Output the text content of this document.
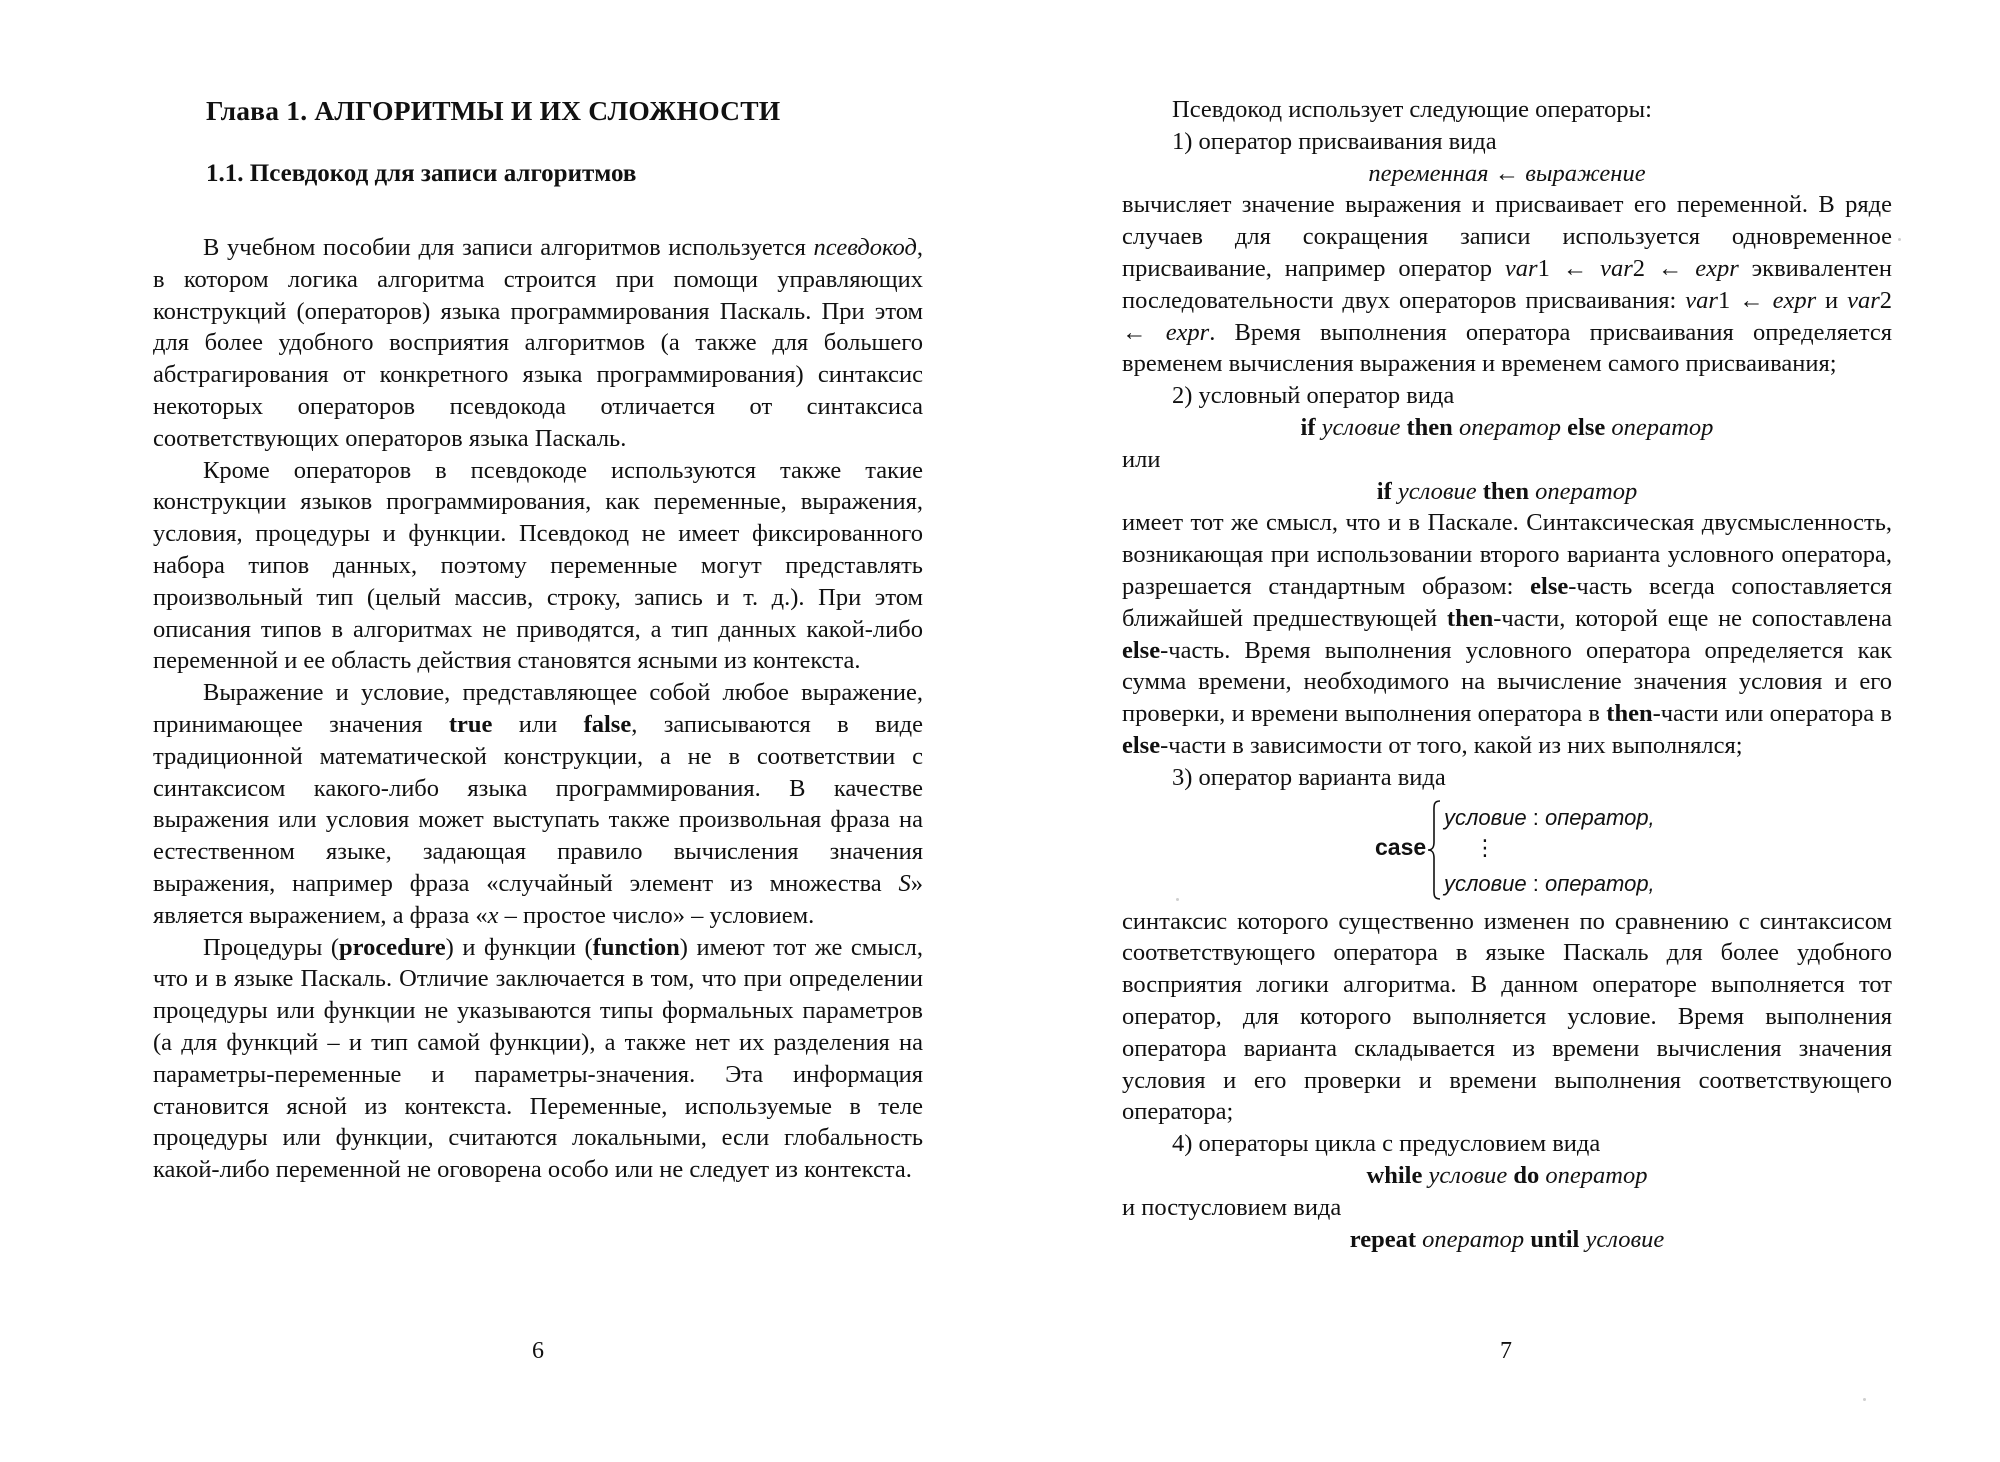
Глава 1. АЛГОРИТМЫ И ИХ СЛОЖНОСТИ
1.1. Псевдокод для записи алгоритмов

В учебном пособии для записи алгоритмов используется псевдокод, в котором логика алгоритма строится при помощи управляющих конструкций (операторов) языка программирования Паскаль. При этом для более удобного восприятия алгоритмов (а также для большего абстрагирования от конкретного языка программирования) синтаксис некоторых операторов псевдокода отличается от синтаксиса соответствующих операторов языка Паскаль.

Кроме операторов в псевдокоде используются также такие конструкции языков программирования, как переменные, выражения, условия, процедуры и функции. Псевдокод не имеет фиксированного набора типов данных, поэтому переменные могут представлять произвольный тип (целый массив, строку, запись и т. д.). При этом описания типов в алгоритмах не приводятся, а тип данных какой-либо переменной и ее область действия становятся ясными из контекста.

Выражение и условие, представляющее собой любое выражение, принимающее значения true или false, записываются в виде традиционной математической конструкции, а не в соответствии с синтаксисом какого-либо языка программирования. В качестве выражения или условия может выступать также произвольная фраза на естественном языке, задающая правило вычисления значения выражения, например фраза «случайный элемент из множества S» является выражением, а фраза «x – простое число» – условием.

Процедуры (procedure) и функции (function) имеют тот же смысл, что и в языке Паскаль. Отличие заключается в том, что при определении процедуры или функции не указываются типы формальных параметров (а для функций – и тип самой функции), а также нет их разделения на параметры-переменные и параметры-значения. Эта информация становится ясной из контекста. Переменные, используемые в теле процедуры или функции, считаются локальными, если глобальность какой-либо переменной не оговорена особо или не следует из контекста.

6

Псевдокод использует следующие операторы:

1) оператор присваивания вида

переменная ← выражение

вычисляет значение выражения и присваивает его переменной. В ряде случаев для сокращения записи используется одновременное присваивание, например оператор var1 ← var2 ← expr эквивалентен последовательности двух операторов присваивания: var1 ← expr и var2 ← expr. Время выполнения оператора присваивания определяется временем вычисления выражения и временем самого присваивания;

2) условный оператор вида

if условие then оператор else оператор

или

if условие then оператор

имеет тот же смысл, что и в Паскале. Синтаксическая двусмысленность, возникающая при использовании второго варианта условного оператора, разрешается стандартным образом: else-часть всегда сопоставляется ближайшей предшествующей then-части, которой еще не сопоставлена else-часть. Время выполнения условного оператора определяется как сумма времени, необходимого на вычисление значения условия и его проверки, и времени выполнения оператора в then-части или оператора в else-части в зависимости от того, какой из них выполнялся;

3) оператор варианта вида

case
условие : оператор,
⋮
условие : оператор,

синтаксис которого существенно изменен по сравнению с синтаксисом соответствующего оператора в языке Паскаль для более удобного восприятия логики алгоритма. В данном операторе выполняется тот оператор, для которого выполняется условие. Время выполнения оператора варианта складывается из времени вычисления значения условия и его проверки и времени выполнения соответствующего оператора;

4) операторы цикла с предусловием вида

while условие do оператор

и постусловием вида

repeat оператор until условие

7
